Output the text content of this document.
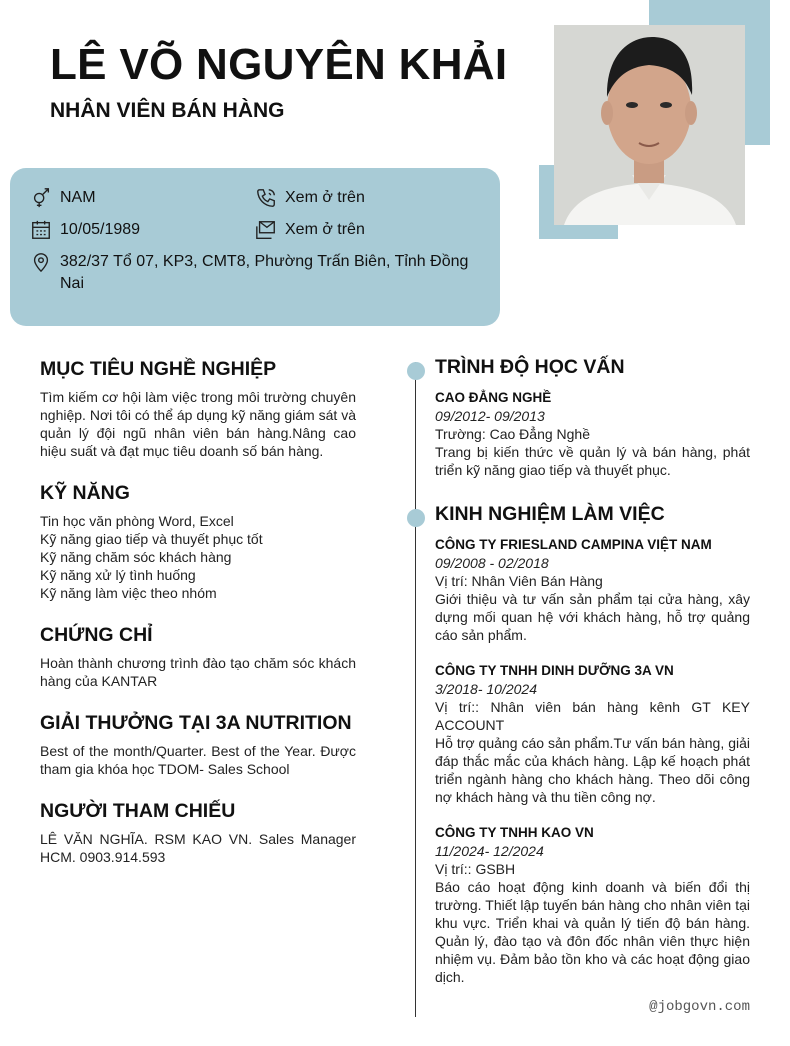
LÊ VÕ NGUYÊN KHẢI
NHÂN VIÊN BÁN HÀNG
NAM	Xem ở trên
10/05/1989	Xem ở trên
382/37 Tổ 07, KP3, CMT8, Phường Trấn Biên, Tỉnh Đồng Nai
MỤC TIÊU NGHỀ NGHIỆP
Tìm kiếm cơ hội làm việc trong môi trường chuyên nghiệp. Nơi tôi có thể áp dụng kỹ năng giám sát và quản lý đội ngũ nhân viên bán hàng.Nâng cao hiệu suất và đạt mục tiêu doanh số bán hàng.
KỸ NĂNG
Tin học văn phòng Word, Excel
Kỹ năng giao tiếp và thuyết phục tốt
Kỹ năng chăm sóc khách hàng
Kỹ năng xử lý tình huống
Kỹ năng làm việc theo nhóm
CHỨNG CHỈ
Hoàn thành chương trình đào tạo chăm sóc khách hàng của KANTAR
GIẢI THƯỞNG TẠI 3A NUTRITION
Best of the month/Quarter. Best of the Year. Được tham gia khóa học TDOM- Sales School
NGƯỜI THAM CHIẾU
LÊ VĂN NGHĨA. RSM KAO VN. Sales Manager HCM. 0903.914.593
TRÌNH ĐỘ HỌC VẤN
CAO ĐẲNG NGHỀ
09/2012- 09/2013
Trường: Cao Đẳng Nghề
Trang bị kiến thức về quản lý và bán hàng, phát triển kỹ năng giao tiếp và thuyết phục.
KINH NGHIỆM LÀM VIỆC
CÔNG TY FRIESLAND CAMPINA VIỆT NAM
09/2008 - 02/2018
Vị trí: Nhân Viên Bán Hàng
Giới thiệu và tư vấn sản phẩm tại cửa hàng, xây dựng mối quan hệ với khách hàng, hỗ trợ quảng cáo sản phẩm.
CÔNG TY TNHH DINH DƯỠNG 3A VN
3/2018- 10/2024
Vị trí:: Nhân viên bán hàng kênh GT KEY ACCOUNT
Hỗ trợ quảng cáo sản phẩm.Tư vấn bán hàng, giải đáp thắc mắc của khách hàng. Lập kế hoạch phát triển ngành hàng cho khách hàng. Theo dõi công nợ khách hàng và thu tiền công nợ.
CÔNG TY TNHH KAO VN
11/2024- 12/2024
Vị trí:: GSBH
Báo cáo hoạt động kinh doanh và biến đổi thị trường. Thiết lập tuyến bán hàng cho nhân viên tại khu vực. Triển khai và quản lý tiến độ bán hàng. Quản lý, đào tạo và đôn đốc nhân viên thực hiện nhiệm vụ. Đảm bảo tồn kho và các hoạt động giao dịch.
@jobgovn.com
